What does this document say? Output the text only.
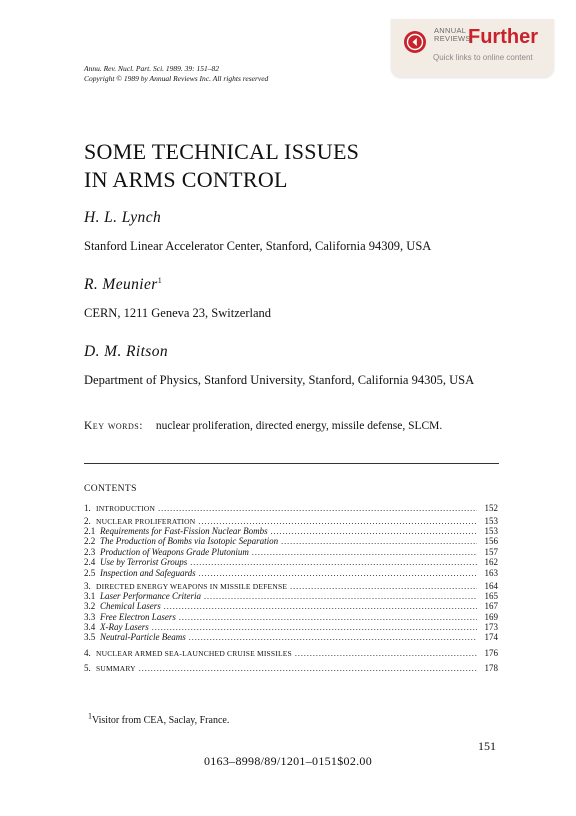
Annu. Rev. Nucl. Part. Sci. 1989. 39: 151–82
Copyright © 1989 by Annual Reviews Inc. All rights reserved
ANNUAL
REVIEWS
Further
Quick links to online content
SOME TECHNICAL ISSUES
IN ARMS CONTROL
H. L. Lynch
Stanford Linear Accelerator Center, Stanford, California 94309, USA
R. Meunier$^1$
CERN, 1211 Geneva 23, Switzerland
D. M. Ritson
Department of Physics, Stanford University, Stanford, California 94305, USA
Key words: nuclear proliferation, directed energy, missile defense, SLCM.
CONTENTS
1. INTRODUCTION .....	152
2. NUCLEAR PROLIFERATION .....	153
2.1 Requirements for Fast-Fission Nuclear Bombs .....	153
2.2 The Production of Bombs via Isotopic Separation .....	156
2.3 Production of Weapons Grade Plutonium .....	157
2.4 Use by Terrorist Groups .....	162
2.5 Inspection and Safeguards .....	163
3. DIRECTED ENERGY WEAPONS IN MISSILE DEFENSE .....	164
3.1 Laser Performance Criteria .....	165
3.2 Chemical Lasers .....	167
3.3 Free Electron Lasers .....	169
3.4 X-Ray Lasers .....	173
3.5 Neutral-Particle Beams .....	174
4. NUCLEAR ARMED SEA-LAUNCHED CRUISE MISSILES .....	176
5. SUMMARY .....	178
$^1$Visitor from CEA, Saclay, France.
151
0163–8998/89/1201–0151$02.00
